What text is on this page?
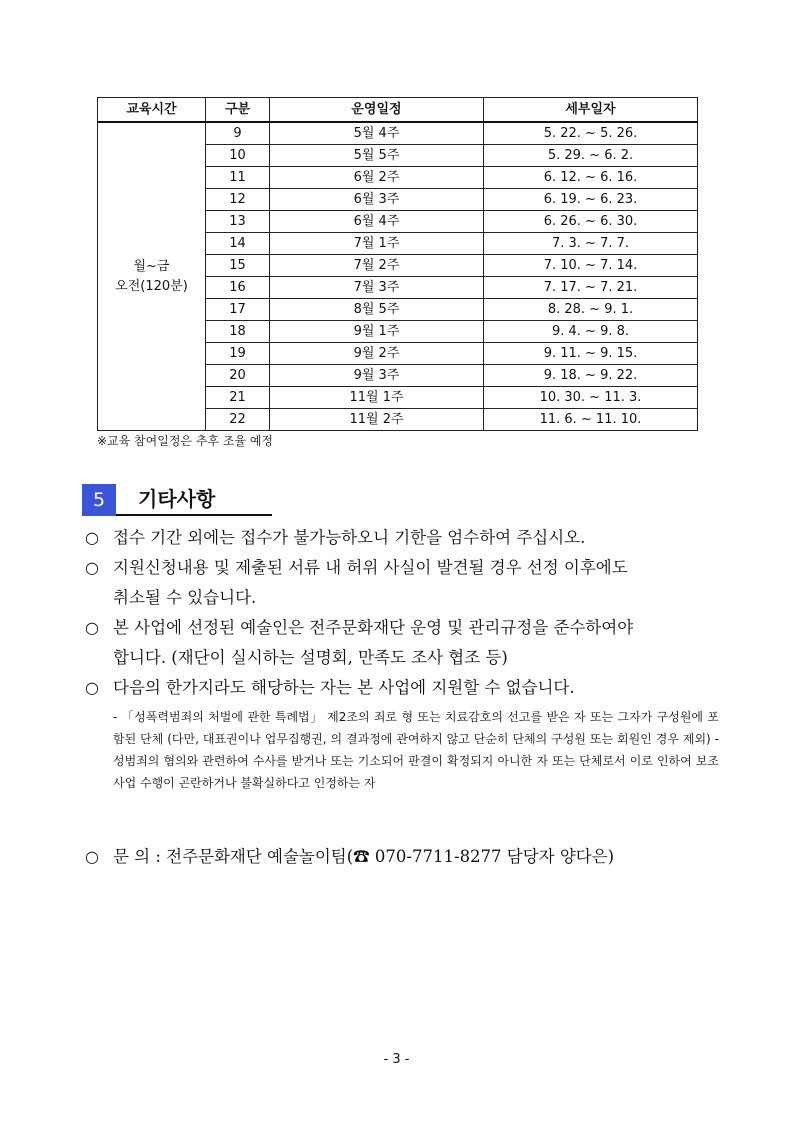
교육시간	구분	운영일정	세부일자

월~금
오전(120분)	9	5월 4주	5. 22. ~ 5. 26.
	10	5월 5주	5. 29. ~ 6. 2.
	11	6월 2주	6. 12. ~ 6. 16.
	12	6월 3주	6. 19. ~ 6. 23.
	13	6월 4주	6. 26. ~ 6. 30.
	14	7월 1주	7. 3. ~ 7. 7.
	15	7월 2주	7. 10. ~ 7. 14.
	16	7월 3주	7. 17. ~ 7. 21.
	17	8월 5주	8. 28. ~ 9. 1.
	18	9월 1주	9. 4. ~ 9. 8.
	19	9월 2주	9. 11. ~ 9. 15.
	20	9월 3주	9. 18. ~ 9. 22.
	21	11월 1주	10. 30. ~ 11. 3.
	22	11월 2주	11. 6. ~ 11. 10.
※교육 참여일정은 추후 조율 예정
5	기타사항
○ 접수 기간 외에는 접수가 불가능하오니 기한을 엄수하여 주십시오.
○ 지원신청내용 및 제출된 서류 내 허위 사실이 발견될 경우 선정 이후에도
취소될 수 있습니다.
○ 본 사업에 선정된 예술인은 전주문화재단 운영 및 관리규정을 준수하여야
합니다. (재단이 실시하는 설명회, 만족도 조사 협조 등)
○ 다음의 한가지라도 해당하는 자는 본 사업에 지원할 수 없습니다.

- 「성폭력범죄의 처벌에 관한 특례법」 제2조의 죄로 형 또는 치료감호의 선고를 받은 자 또는 그자가 구성원에 포함된 단체 (다만, 대표권이나 업무집행권, 의 결과정에 관여하지 않고 단순히 단체의 구성원 또는 회원인 경우 제외) - 성범죄의 혐의와 관련하여 수사를 받거나 또는 기소되어 판결이 확정되지 아니한 자 또는 단체로서 이로 인하여 보조사업 수행이 곤란하거나 불확실하다고 인정하는 자

○ 문 의 : 전주문화재단 예술놀이팀(☎ 070-7711-8277 담당자 양다은)
- 3 -
